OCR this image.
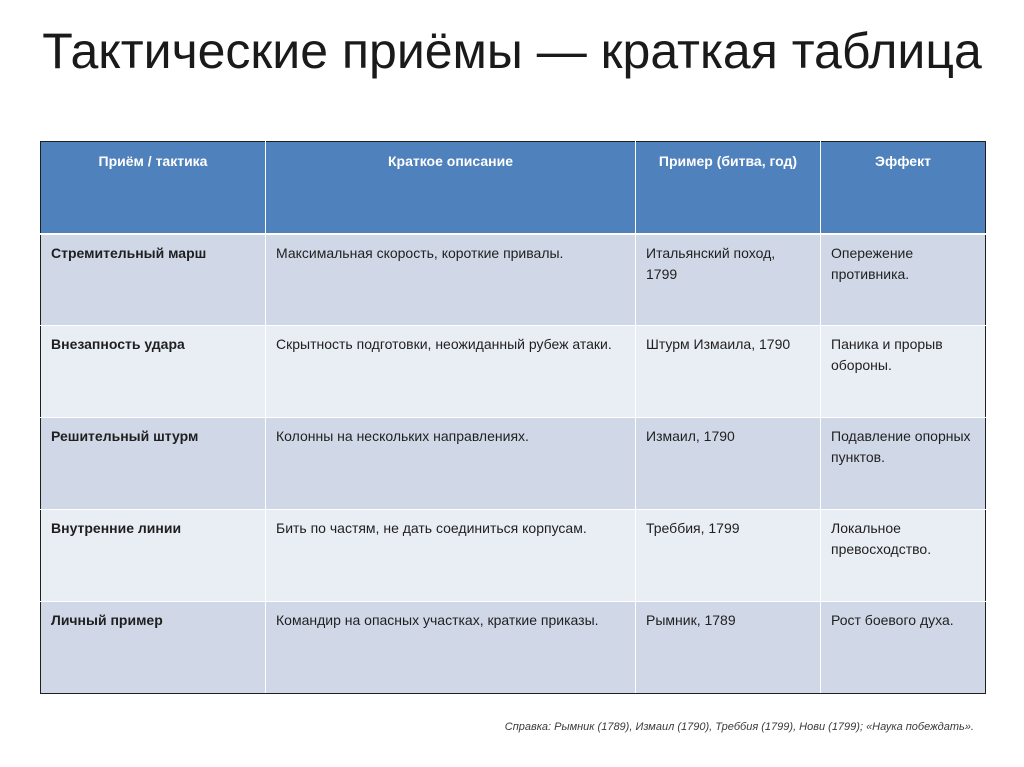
Тактические приёмы — краткая таблица
Приём / тактика	Краткое описание	Пример (битва, год)	Эффект
Стремительный марш	Максимальная скорость, короткие привалы.	Итальянский поход, 1799	Опережение противника.
Внезапность удара	Скрытность подготовки, неожиданный рубеж атаки.	Штурм Измаила, 1790	Паника и прорыв обороны.
Решительный штурм	Колонны на нескольких направлениях.	Измаил, 1790	Подавление опорных пунктов.
Внутренние линии	Бить по частям, не дать соединиться корпусам.	Треббия, 1799	Локальное превосходство.
Личный пример	Командир на опасных участках, краткие приказы.	Рымник, 1789	Рост боевого духа.
Справка: Рымник (1789), Измаил (1790), Треббия (1799), Нови (1799); «Наука побеждать».
